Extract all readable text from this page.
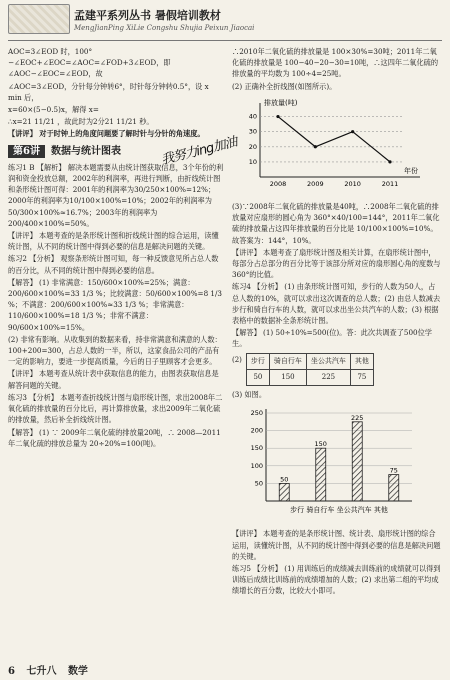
孟建平系列丛书 暑假培训教材
MengJianPing XiLie Congshu Shujia Peixun Jiaocai

AOC=3∠EOD 时，100°−∠EOC+∠EOC=∠AOC=∠FOD+3∠EOD，即 ∠AOC−∠EOC=∠EOD，故

∠AOC=3∠EOD，分针每分钟转6°，时针每分钟转0.5°，设 x min 后，

x=60×(5−0.5)x，解得 x=

∴x=21 11/21 ，故此时为2分21 11/21 秒。

【讲评】 对于时钟上的角度问题要了解时针与分针的角速度。

第6讲	数据与统计图表

练习1 B 【解析】 解决本题需要从由统计图获取信息，3个年份的利润和资金投放总额，2002年的利润率，再进行判断，由折线统计图和条形统计图可得：2001年的利润率为30/250×100%=12%；2000年的利润率为10/100×100%=10%；2002年的利润率为50/300×100%≈16.7%；2003年的利润率为200/400×100%=50%。

【讲评】 本题考查的是条形统计图和折线统计图的综合运用，读懂统计图，从不同的统计图中得到必要的信息是解决问题的关键。

练习2 【分析】 观察条形统计图可知，每一种反馈意见所占总人数的百分比，从不同的统计图中得到必要的信息。

【解答】 (1) 非常满意：150/600×100%=25%；满意：200/600×100%=33 1/3 %；比较满意：50/600×100%=8 1/3 %；不满意：200/600×100%≈33 1/3 %；非常满意：110/600×100%=18 1/3 %；非常不满意：90/600×100%=15%。

(2) 非常有影响。从收集到的数据来看，持非常满意和满意的人数：100+200=300，占总人数的一半，所以，这家食品公司的产品有一定的影响力，要进一步提高质量，今后的日子里顾客才会更多。

【讲评】 本题考查从统计表中获取信息的能力，由图表获取信息是解答问题的关键。

练习3 【分析】 本题考查折线统计图与扇形统计图，求出2008年二氧化硫的排放量的百分比后，再计算排放量，求出2009年二氧化硫的排放量，然后补全折线统计图。

【解答】 (1) ∵ 2009年二氧化硫的排放量20吨，∴ 2008—2011年二氧化硫的排放总量为 20÷20%=100(吨)。

我努力ing加油

∴2010年二氧化硫的排放量是 100×30%=30吨；2011年二氧化硫的排放量是 100−40−20−30=10吨，∴这四年二氧化硫的排放量的平均数为 100÷4=25吨。

(2) 正确补全折线图(如图所示)。

排放量(吨)
年份
10
20
30
40
2008	2009	2010	2011

(3)∵2008年二氧化硫的排放量是40吨，∴2008年二氧化硫的排放量对应扇形的圆心角为 360°×40/100=144°，2011年二氧化硫的排放量占这四年排放量的百分比是 10/100×100%=10%。故答案为：144°，10%。

【讲评】 本题考查了扇形统计图及相关计算，在扇形统计图中，每部分占总部分的百分比等于该部分所对应的扇形圆心角的度数与360°的比值。

练习4 【分析】 (1) 由条形统计图可知，步行的人数为50人，占总人数的10%，就可以求出这次调查的总人数；(2) 由总人数减去步行和骑自行车的人数，就可以求出坐公共汽车的人数；(3) 根据表格中的数据补全条形统计图。

【解答】 (1) 50÷10%=500(位)。答：此次共调查了500位学生。

(2) 步行	骑自行车	坐公共汽车	其他
50	150	225	75

(3) 如图。

50
100
150
200
250
50
150
225
75
步行 骑自行车 坐公共汽车 其他

【讲评】 本题考查的是条形统计图、统计表、扇形统计图的综合运用，读懂统计图，从不同的统计图中得到必要的信息是解决问题的关键。

练习5 【分析】 (1) 用训练后的成绩减去训练前的成绩就可以得到训练后成绩比训练前的成绩增加的人数；(2) 求出第二组的平均成绩增长的百分数，比较大小即可。

6 七升八 数学
